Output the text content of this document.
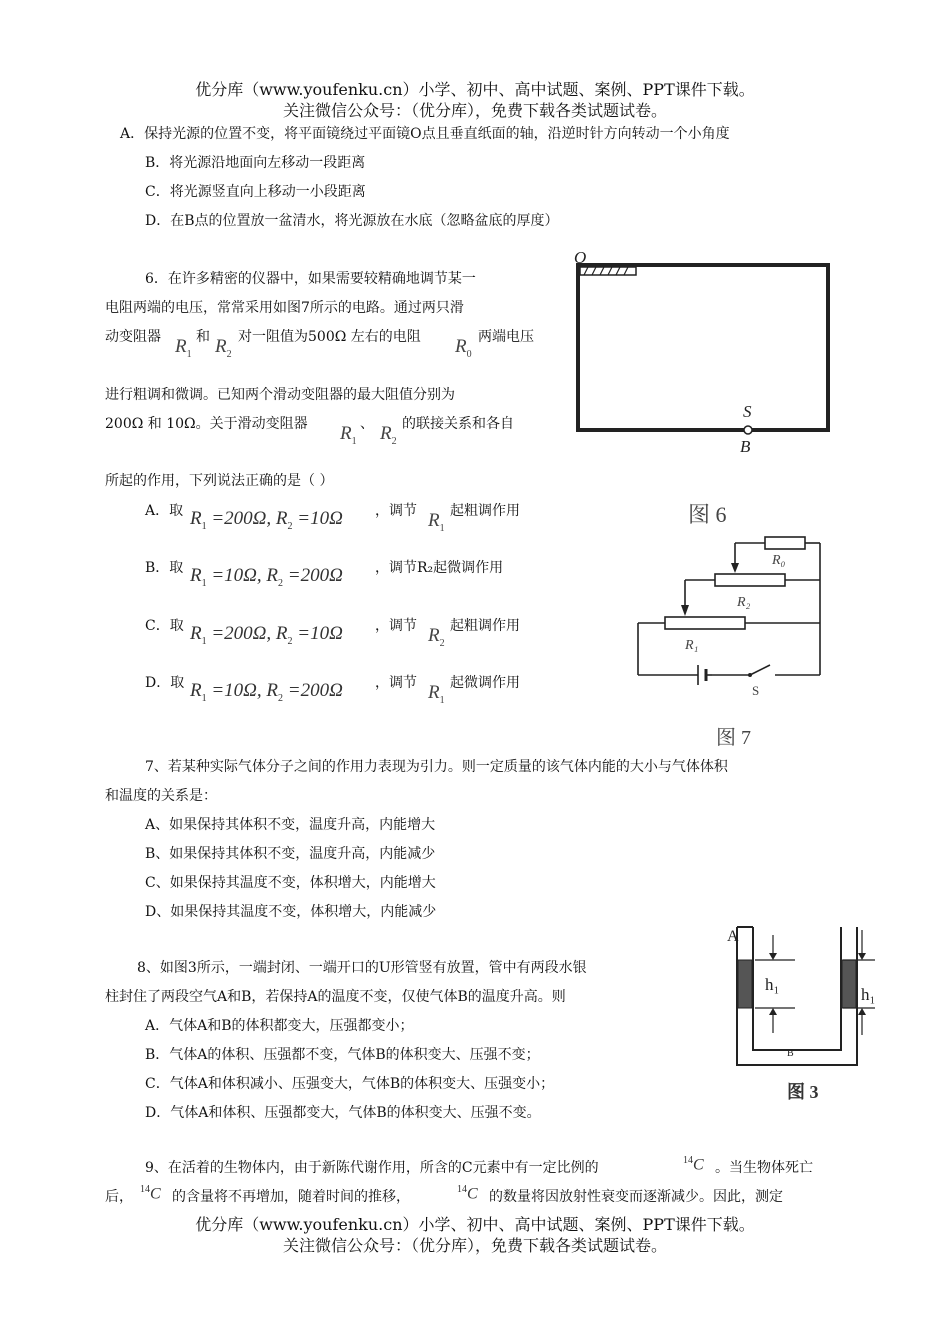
优分库（www.youfenku.cn）小学、初中、高中试题、案例、PPT课件下载。
关注微信公众号：（优分库），免费下载各类试题试卷。
A．保持光源的位置不变，将平面镜绕过平面镜O点且垂直纸面的轴，沿逆时针方向转动一个小角度
B．将光源沿地面向左移动一段距离
C．将光源竖直向上移动一小段距离
D．在B点的位置放一盆清水，将光源放在水底（忽略盆底的厚度）
6．在许多精密的仪器中，如果需要较精确地调节某一
电阻两端的电压，常常采用如图7所示的电路。通过两只滑
动变阻器 $R_1$
和 $R_2$
对一阻值为500Ω 左右的电阻 $R_0$
两端电压
进行粗调和微调。已知两个滑动变阻器的最大阻值分别为
200Ω 和 10Ω。关于滑动变阻器 $R_1$
、 $R_2$
的联接关系和各自
所起的作用，下列说法正确的是（ ）
A．取 $R_1 =200\Omega$, $R_2 =10\Omega$ ，调节 $R_1$
起粗调作用
B．取 $R_1 =10\Omega$, $R_2 =200\Omega$ ，调节R₂起微调作用
C．取 $R_1 =200\Omega$, $R_2 =10\Omega$ ，调节 $R_2$
起粗调作用
D．取 $R_1 =10\Omega$, $R_2 =200\Omega$ ，调节 $R_1$
起微调作用
7、若某种实际气体分子之间的作用力表现为引力。则一定质量的该气体内能的大小与气体体积
和温度的关系是：
A、如果保持其体积不变，温度升高，内能增大
B、如果保持其体积不变，温度升高，内能减少
C、如果保持其温度不变，体积增大，内能增大
D、如果保持其温度不变，体积增大，内能减少
8、如图3所示，一端封闭、一端开口的U形管竖有放置，管中有两段水银
柱封住了两段空气A和B，若保持A的温度不变，仅使气体B的温度升高。则
A．气体A和B的体积都变大，压强都变小；
B．气体A的体积、压强都不变，气体B的体积变大、压强不变；
C．气体A和体积减小、压强变大，气体B的体积变大、压强变小；
D．气体A和体积、压强都变大，气体B的体积变大、压强不变。
9、在活着的生物体内，由于新陈代谢作用，所含的C元素中有一定比例的	$^{14}$C 。当生物体死亡
后， $^{14}$C 的含量将不再增加，随着时间的推移，	$^{14}$C 的数量将因放射性衰变而逐渐减少。因此，测定
优分库（www.youfenku.cn）小学、初中、高中试题、案例、PPT课件下载。
关注微信公众号：（优分库），免费下载各类试题试卷。
O
S
B
图 6
R₀
R₂
R₁
S
图 7
A
h₁
h₁
B
图 3
